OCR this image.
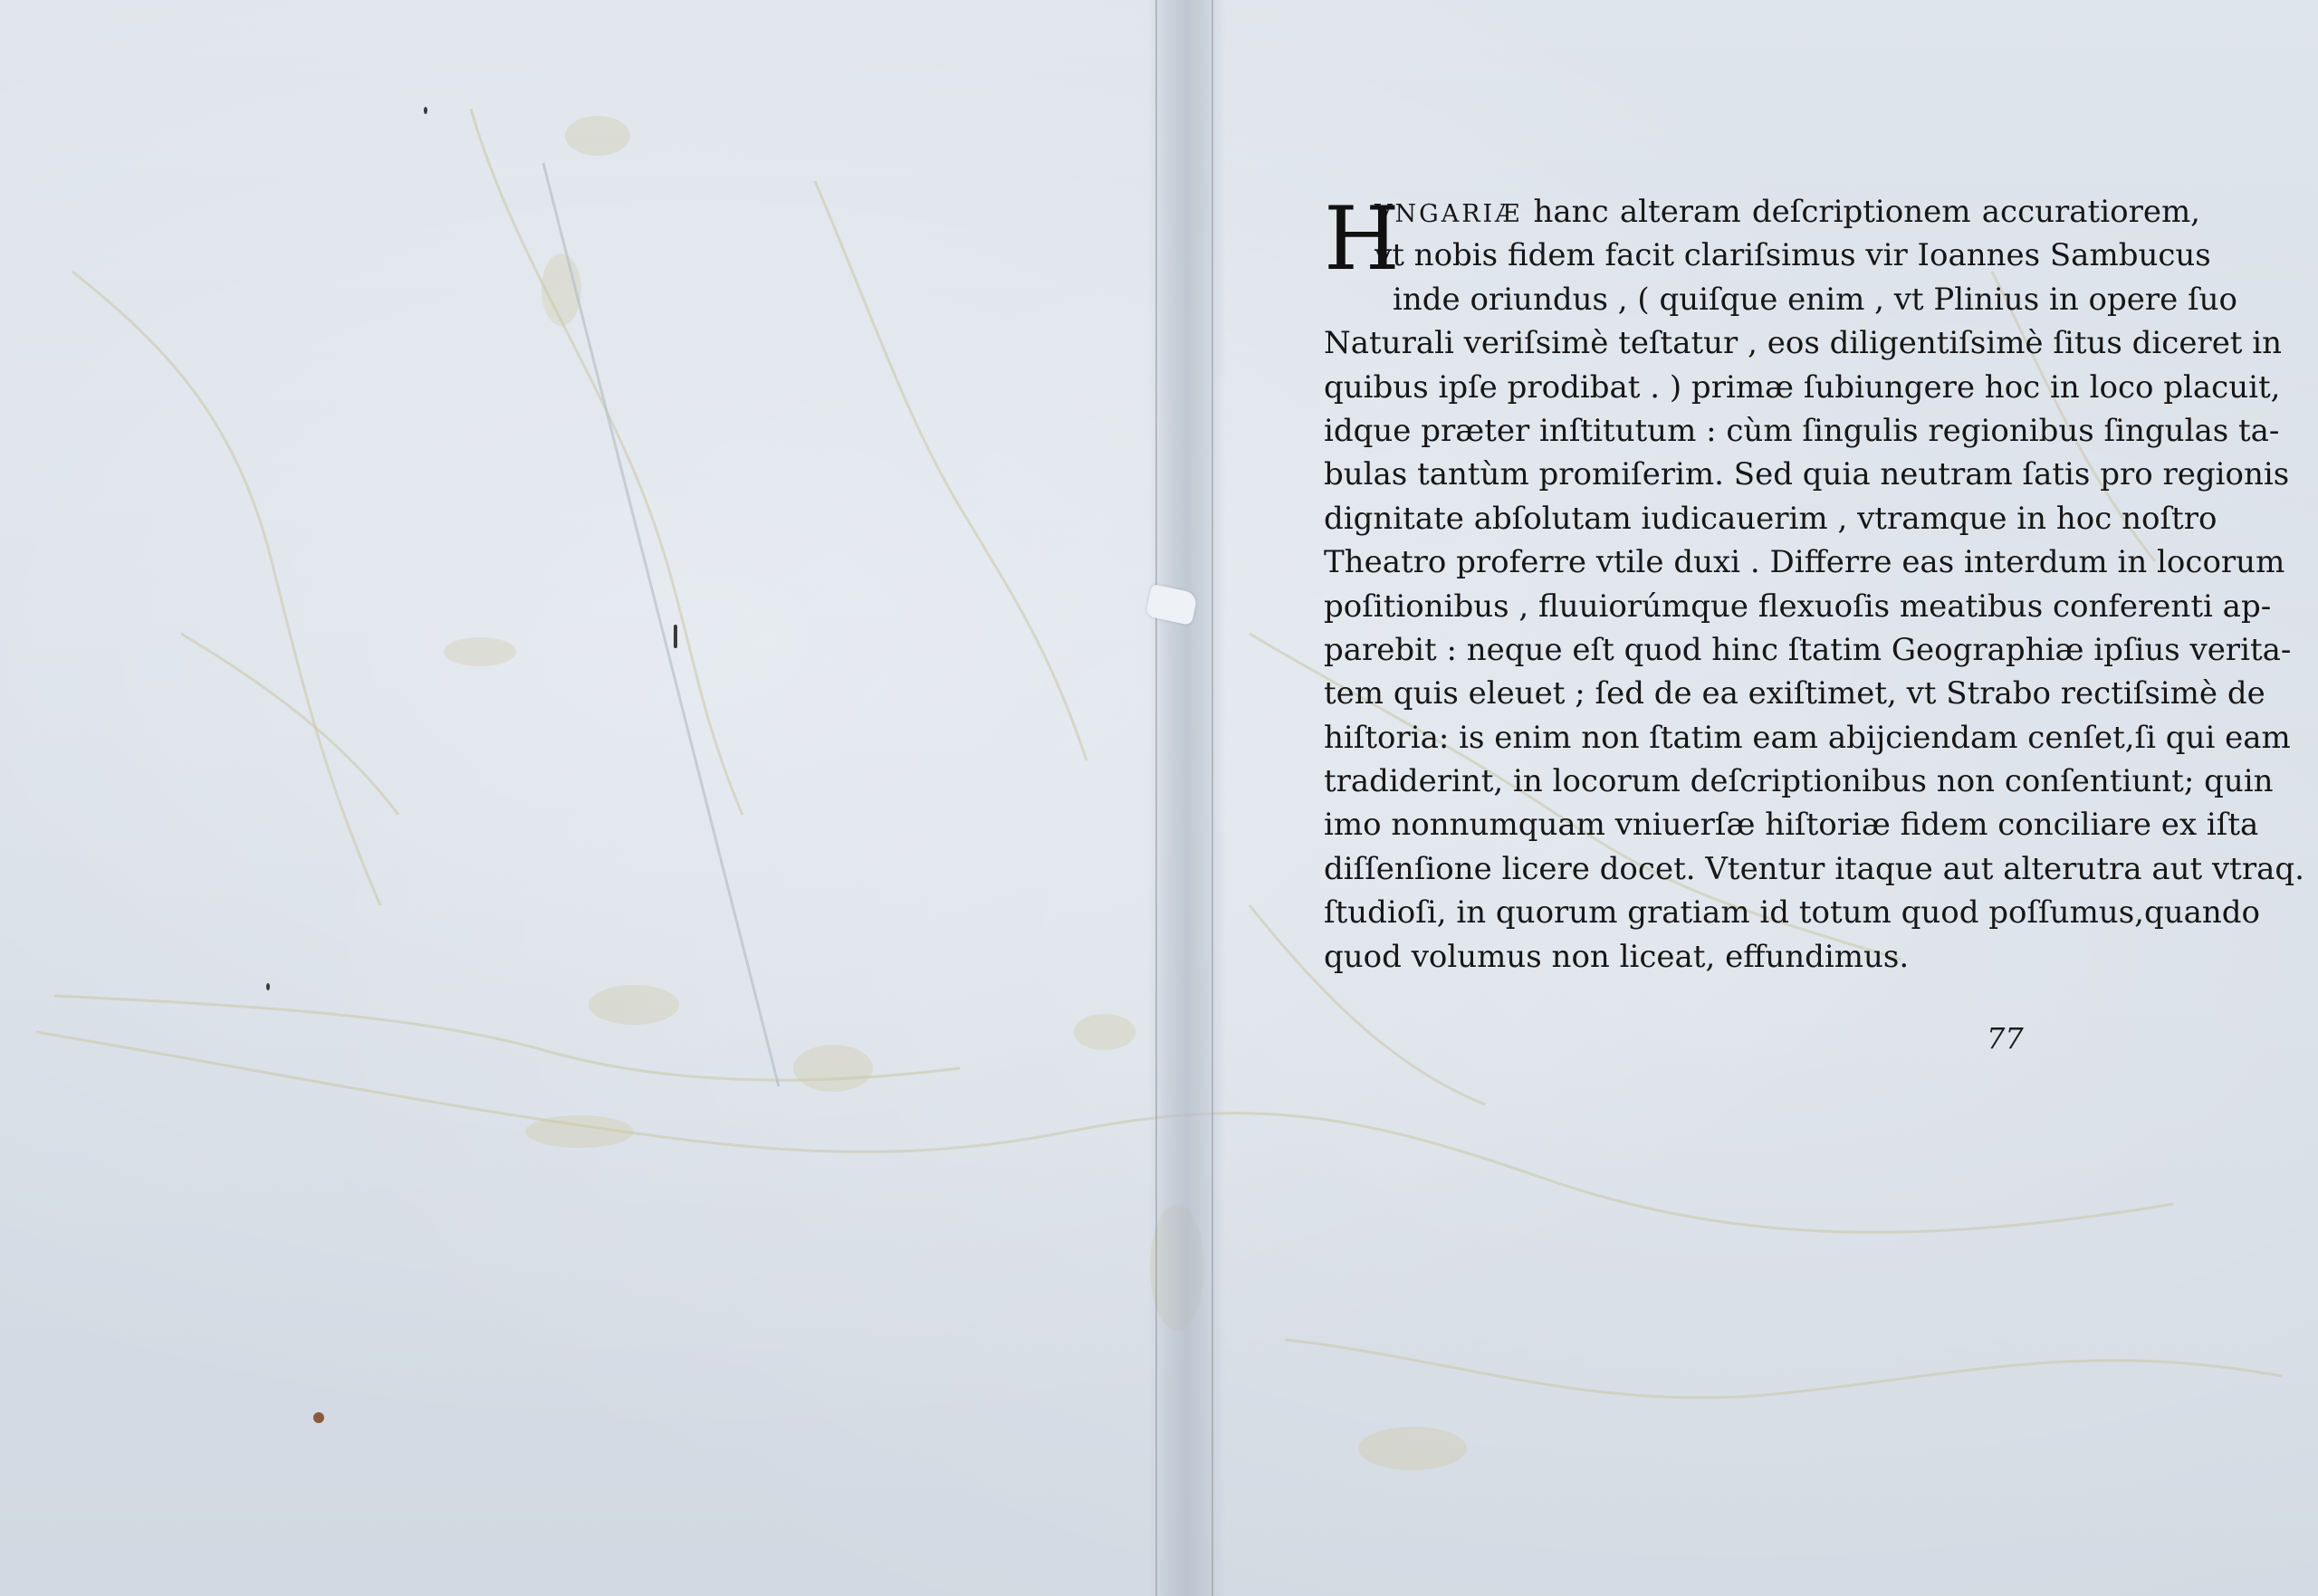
H
VNGARIÆ hanc alteram deſcriptionem accuratiorem,
vt nobis fidem facit clariſsimus vir Ioannes Sambucus
inde oriundus , ( quiſque enim , vt Plinius in opere ſuo
Naturali veriſsimè teſtatur , eos diligentiſsimè ſitus diceret in
quibus ipſe prodibat . ) primæ ſubiungere hoc in loco placuit,
idque præter inſtitutum : cùm ſingulis regionibus ſingulas ta-
bulas tantùm promiſerim. Sed quia neutram ſatis pro regionis
dignitate abſolutam iudicauerim , vtramque in hoc noſtro
Theatro proferre vtile duxi . Differre eas interdum in locorum
poſitionibus , fluuiorúmque flexuoſis meatibus conferenti ap-
parebit : neque eſt quod hinc ſtatim Geographiæ ipſius verita-
tem quis eleuet ; ſed de ea exiſtimet, vt Strabo rectiſsimè de
hiſtoria: is enim non ſtatim eam abijciendam cenſet,ſi qui eam
tradiderint, in locorum deſcriptionibus non conſentiunt; quin
imo nonnumquam vniuerſæ hiſtoriæ fidem conciliare ex iſta
diſſenſione licere docet. Vtentur itaque aut alterutra aut vtraq.
ſtudioſi, in quorum gratiam id totum quod poſſumus,quando
quod volumus non liceat, effundimus.
77
